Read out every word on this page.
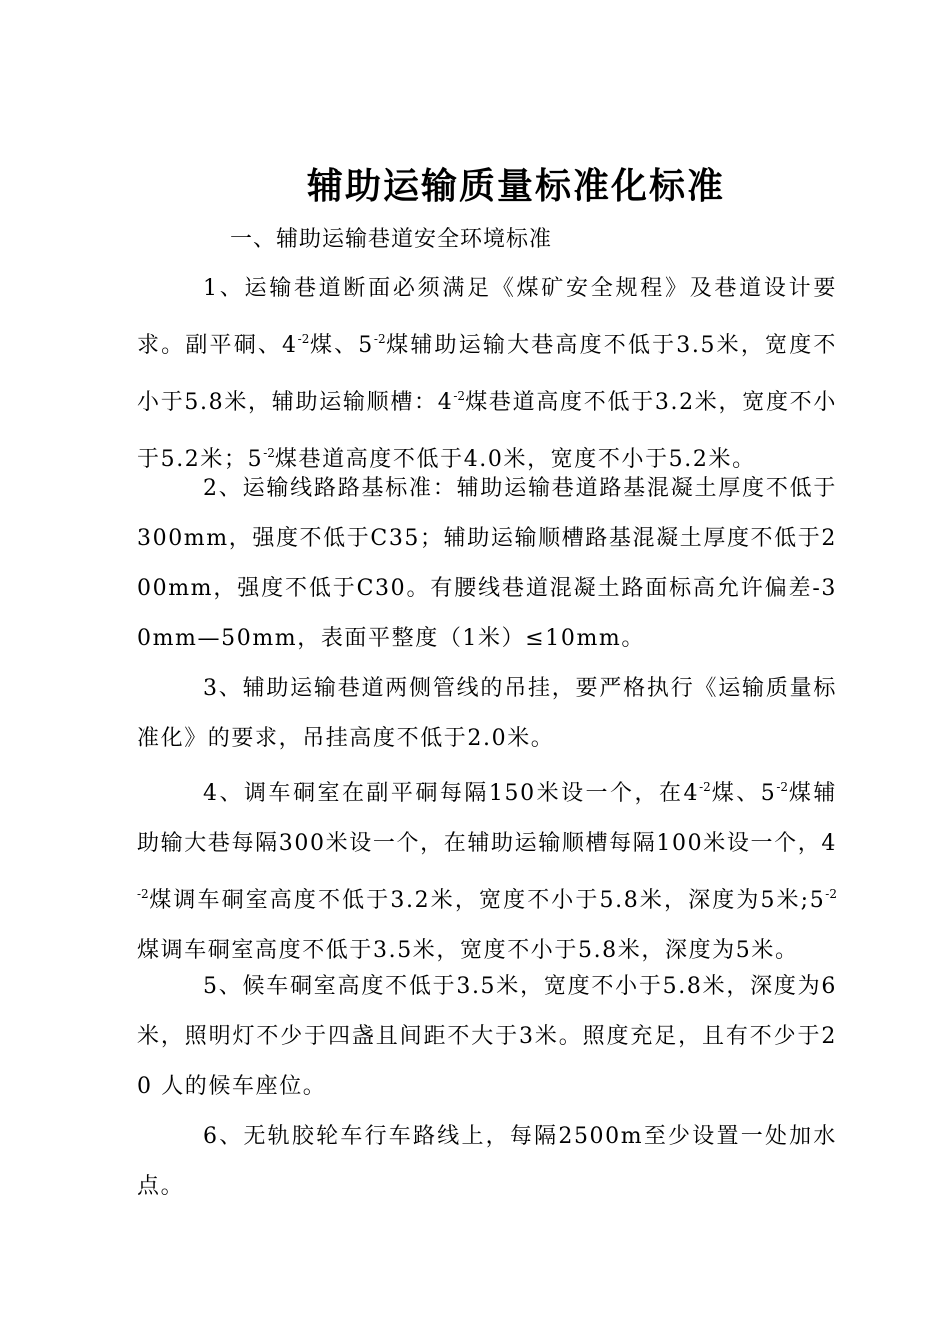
辅助运输质量标准化标准
一、辅助运输巷道安全环境标准
1、运输巷道断面必须满足《煤矿安全规程》及巷道设计要求。副平硐、$4^{-2}$煤、$5^{-2}$煤辅助运输大巷高度不低于3.5米，宽度不小于5.8米，辅助运输顺槽：$4^{-2}$煤巷道高度不低于3.2米，宽度不小于5.2米；$5^{-2}$煤巷道高度不低于4.0米，宽度不小于5.2米。
2、运输线路路基标准：辅助运输巷道路基混凝土厚度不低于300mm，强度不低于C35；辅助运输顺槽路基混凝土厚度不低于200mm，强度不低于C30。有腰线巷道混凝土路面标高允许偏差-30mm—50mm，表面平整度（1米）≤10mm。
3、辅助运输巷道两侧管线的吊挂，要严格执行《运输质量标准化》的要求，吊挂高度不低于2.0米。
4、调车硐室在副平硐每隔150米设一个，在$4^{-2}$煤、$5^{-2}$煤辅助输大巷每隔300米设一个，在辅助运输顺槽每隔100米设一个，$4^{-2}$煤调车硐室高度不低于3.2米，宽度不小于5.8米，深度为5米$;5^{-2}$煤调车硐室高度不低于3.5米，宽度不小于5.8米，深度为5米。
5、候车硐室高度不低于3.5米，宽度不小于5.8米，深度为6米，照明灯不少于四盏且间距不大于3米。照度充足，且有不少于20 人的候车座位。
6、无轨胶轮车行车路线上，每隔2500m至少设置一处加水点。
